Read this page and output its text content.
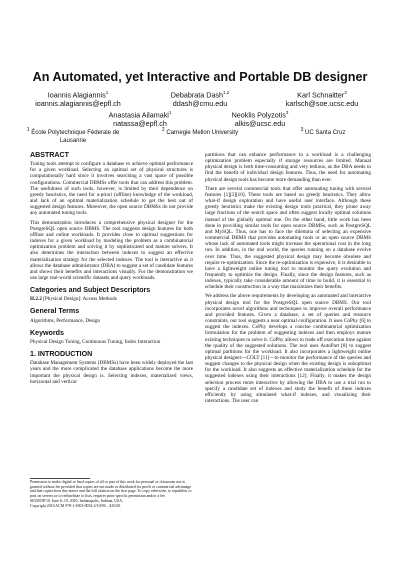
An Automated, yet Interactive and Portable DB designer
Ioannis Alagiannis$^1$
ioannis.alagiannis@epfl.ch
Debabrata Dash$^{1,2}$
ddash@cmu.edu
Karl Schnaitter$^3$
karlsch@soe.ucsc.edu
Anastasia Ailamaki$^1$
natassa@epfl.ch
Neoklis Polyzotis$^3$
alkis@ucsc.edu
$^1$ École Polytechnique Féderale de Lausanne
$^2$ Carnegie Mellon University	$^3$ UC Santa Cruz
ABSTRACT

Tuning tools attempt to configure a database to achieve optimal performance for a given workload. Selecting an optimal set of physical structures is computationally hard since it involves searching a vast space of possible configurations. Commercial DBMSs offer tools that can address this problem. The usefulness of such tools, however, is limited by their dependence on greedy heuristics, the need for a-priori (offline) knowledge of the workload, and lack of an optimal materialization schedule to get the best out of suggested design features. Moreover, the open source DBMSs do not provide any automated tuning tools.

This demonstration introduces a comprehensive physical designer for the PostgreSQL open source DBMS. The tool suggests design features for both offline and online workloads. It provides close to optimal suggestions for indexes for a given workload by modeling the problem as a combinatorial optimization problem and solving it by sophisticated and mature solvers. It also determines the interaction between indexes to suggest an effective materialization strategy for the selected indexes. The tool is interactive as it allows the database administrator (DBA) to suggest a set of candidate features and shows their benefits and interactions visually. For the demonstration we use large real-world scientific datasets and query workloads.

Categories and Subject Descriptors

H.2.2 [Physical Design]: Access Methods

General Terms

Algorithms, Performance, Design

Keywords

Physical Design Tuning, Continuous Tuning, Index Interaction

1. INTRODUCTION

Database Management Systems (DBMSs) have been widely deployed the last years and the more complicated the database applications become the more important the physical design is. Selecting indexes, materialized views, horizontal and vertical

Permission to make digital or hard copies of all or part of this work for personal or classroom use is granted without fee provided that copies are not made or distributed for profit or commercial advantage and that copies bear this notice and the full citation on the first page. To copy otherwise, to republish, to post on servers or to redistribute to lists, requires prior specific permission and/or a fee.
SIGMOD'10, June 6–10, 2010, Indianapolis, Indiana, USA.
Copyright 2010 ACM 978-1-4503-0032-2/10/06 ...$10.00.

partitions that can enhance performance in a workload is a challenging optimization problem especially if storage resources are limited. Manual physical design is both time-consuming and very tedious, as the DBA needs to find the benefit of individual design features. Thus, the need for automating physical design tools has become more demanding than ever.

There are several commercial tools that offer automating tuning with several features [1][3][10]. These tools are based on greedy heuristics. They allow what-if design exploration and have useful user interface. Although these greedy heuristics make the existing design tools practical, they prune away large fractions of the search space and often suggest locally optimal solutions instead of the globally optimal one. On the other hand, little work has been done in providing similar tools for open source DBMSs, such as PostgreSQL and MySQL. Thus, one has to face the dilemma of selecting an expensive commercial DBMS that provides automating tools or an open source DBMS whose lack of automated tools might increase the operational cost in the long run. In addition, in the real world, the queries running on a database evolve over time. Thus, the suggested physical design may become obsolete and require re-optimization. Since the re-optimization is expensive, it is desirable to have a lightweight online tuning tool to monitor the query evolution and frequently to optimize the design. Finally, since the design features, such as indexes, typically take considerable amount of time to build, it is essential to schedule their construction in a way that maximizes their benefits.

We address the above requirements by developing an automated and interactive physical design tool for the PostgreSQL open source DBMS. Our tool incorporates novel algorithms and techniques to improve overall performance and provided features. Given a database, a set of queries and resource constraints, our tool suggests a near optimal configuration. It uses CoPhy [6] to suggest the indexes. CoPhy develops a concise combinatorial optimization formulation for the problem of suggesting indexes and then employs mature existing techniques to solve it. CoPhy allows to trade off execution time against the quality of the suggested solutions. The tool uses AutoPart [8] to suggest optimal partitions for the workload. It also incorporates a lightweight online physical designer—COLT [11]—to monitor the performance of the queries and suggest changes to the physical design when the existing design is suboptimal for the workload. It also suggests an effective materialization schedule for the suggested indexes using their interactions [12]. Finally, it makes the design selection process more interactive by allowing the DBA to use a trial run to specify a candidate set of indexes and study the benefit of these indexes efficiently by using simulated what-if indexes, and visualizing their interactions. The user can
